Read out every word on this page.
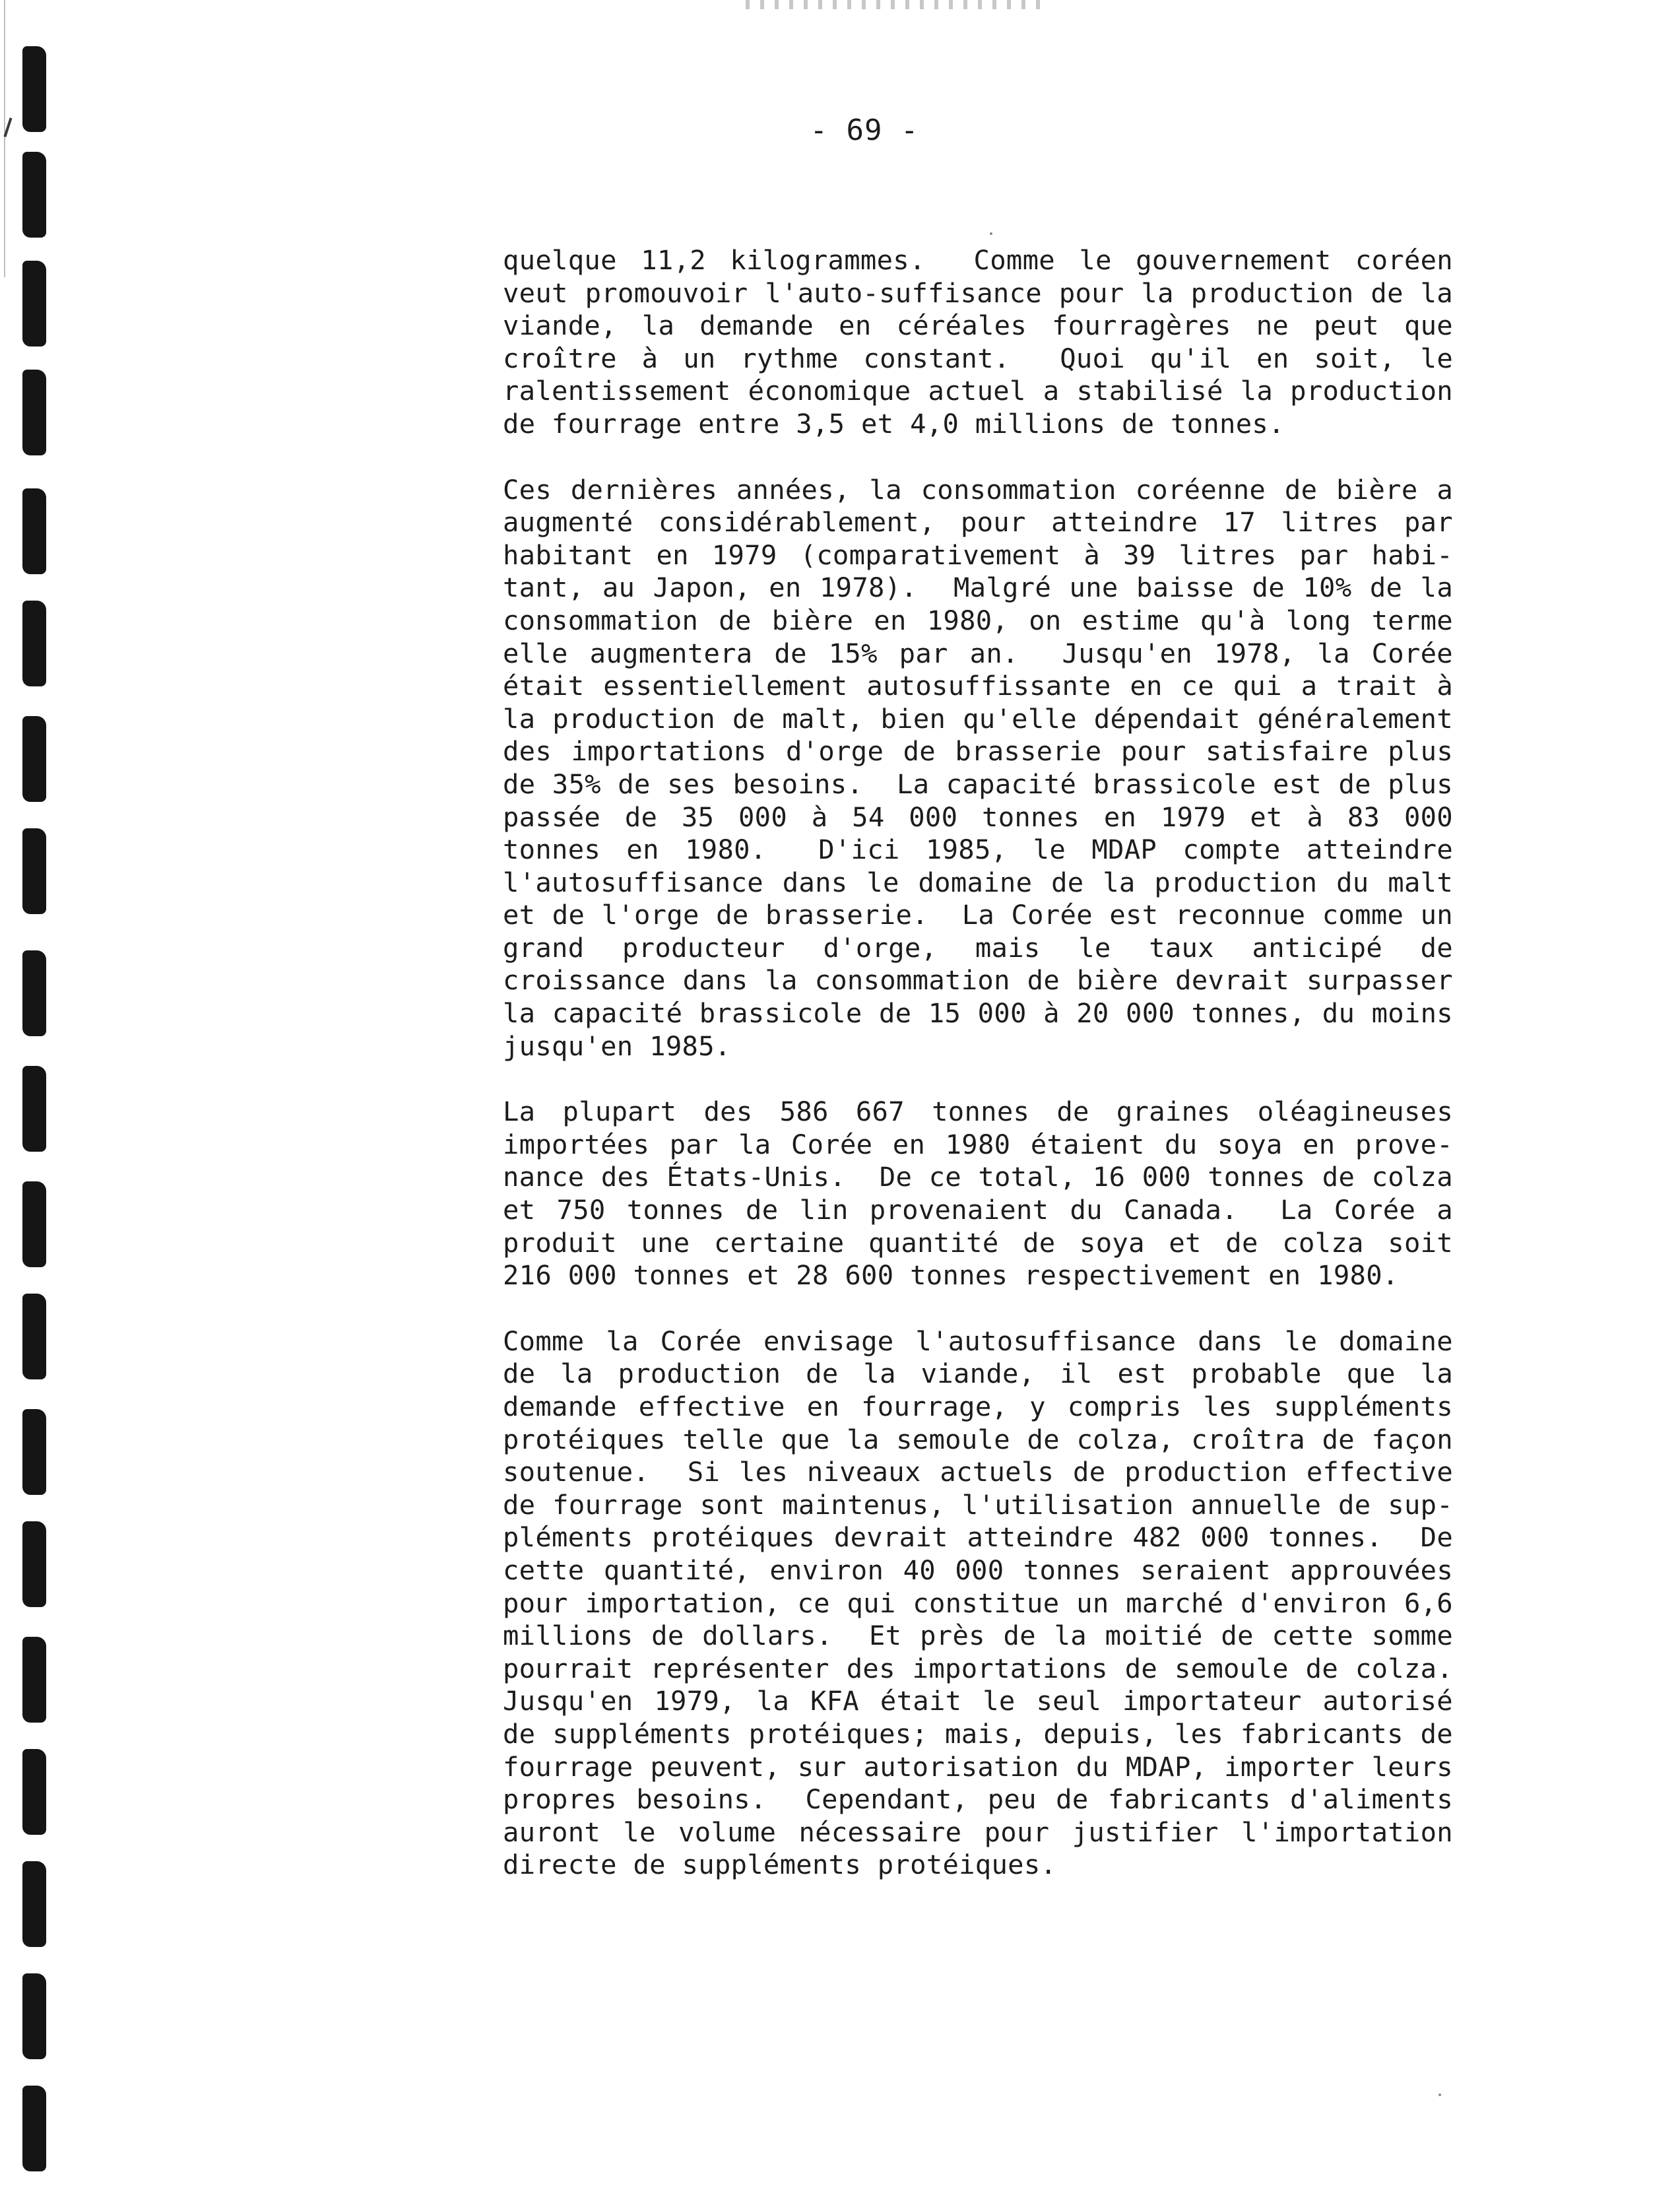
- 69 -
quelque 11,2 kilogrammes.  Comme le gouvernement coréen
veut promouvoir l'auto-suffisance pour la production de la
viande, la demande en céréales fourragères ne peut que
croître à un rythme constant.  Quoi qu'il en soit, le
ralentissement économique actuel a stabilisé la production
de fourrage entre 3,5 et 4,0 millions de tonnes.
Ces dernières années, la consommation coréenne de bière a
augmenté considérablement, pour atteindre 17 litres par
habitant en 1979 (comparativement à 39 litres par habi-
tant, au Japon, en 1978).  Malgré une baisse de 10% de la
consommation de bière en 1980, on estime qu'à long terme
elle augmentera de 15% par an.  Jusqu'en 1978, la Corée
était essentiellement autosuffissante en ce qui a trait à
la production de malt, bien qu'elle dépendait généralement
des importations d'orge de brasserie pour satisfaire plus
de 35% de ses besoins.  La capacité brassicole est de plus
passée de 35 000 à 54 000 tonnes en 1979 et à 83 000
tonnes en 1980.  D'ici 1985, le MDAP compte atteindre
l'autosuffisance dans le domaine de la production du malt
et de l'orge de brasserie.  La Corée est reconnue comme un
grand producteur d'orge, mais le taux anticipé de
croissance dans la consommation de bière devrait surpasser
la capacité brassicole de 15 000 à 20 000 tonnes, du moins
jusqu'en 1985.
La plupart des 586 667 tonnes de graines oléagineuses
importées par la Corée en 1980 étaient du soya en prove-
nance des États-Unis.  De ce total, 16 000 tonnes de colza
et 750 tonnes de lin provenaient du Canada.  La Corée a
produit une certaine quantité de soya et de colza soit
216 000 tonnes et 28 600 tonnes respectivement en 1980.
Comme la Corée envisage l'autosuffisance dans le domaine
de la production de la viande, il est probable que la
demande effective en fourrage, y compris les suppléments
protéiques telle que la semoule de colza, croîtra de façon
soutenue.  Si les niveaux actuels de production effective
de fourrage sont maintenus, l'utilisation annuelle de sup-
pléments protéiques devrait atteindre 482 000 tonnes.  De
cette quantité, environ 40 000 tonnes seraient approuvées
pour importation, ce qui constitue un marché d'environ 6,6
millions de dollars.  Et près de la moitié de cette somme
pourrait représenter des importations de semoule de colza.
Jusqu'en 1979, la KFA était le seul importateur autorisé
de suppléments protéiques; mais, depuis, les fabricants de
fourrage peuvent, sur autorisation du MDAP, importer leurs
propres besoins.  Cependant, peu de fabricants d'aliments
auront le volume nécessaire pour justifier l'importation
directe de suppléments protéiques.
